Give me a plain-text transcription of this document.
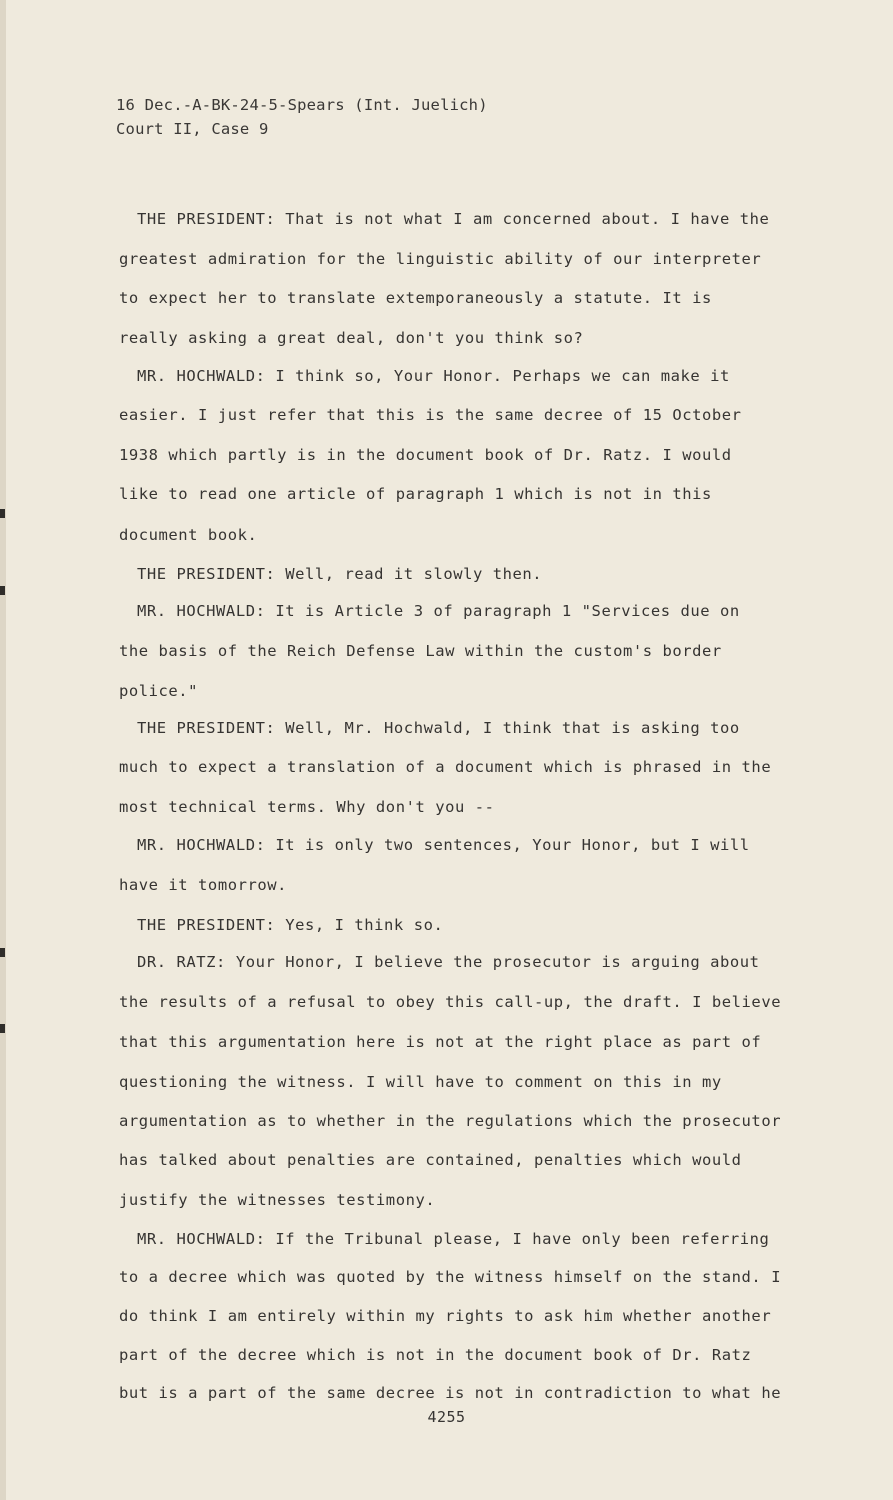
16 Dec.-A-BK-24-5-Spears (Int. Juelich)
Court II, Case 9
THE PRESIDENT: That is not what I am concerned about. I have the
greatest admiration for the linguistic ability of our interpreter
to expect her to translate extemporaneously a statute. It is
really asking a great deal, don't you think so?
MR. HOCHWALD: I think so, Your Honor. Perhaps we can make it
easier. I just refer that this is the same decree of 15 October
1938 which partly is in the document book of Dr. Ratz. I would
like to read one article of paragraph 1 which is not in this
document book.
THE PRESIDENT: Well, read it slowly then.
MR. HOCHWALD: It is Article 3 of paragraph 1 "Services due on
the basis of the Reich Defense Law within the custom's border
police."
THE PRESIDENT: Well, Mr. Hochwald, I think that is asking too
much to expect a translation of a document which is phrased in the
most technical terms. Why don't you --
MR. HOCHWALD: It is only two sentences, Your Honor, but I will
have it tomorrow.
THE PRESIDENT: Yes, I think so.
DR. RATZ: Your Honor, I believe the prosecutor is arguing about
the results of a refusal to obey this call-up, the draft. I believe
that this argumentation here is not at the right place as part of
questioning the witness. I will have to comment on this in my
argumentation as to whether in the regulations which the prosecutor
has talked about penalties are contained, penalties which would
justify the witnesses testimony.
MR. HOCHWALD: If the Tribunal please, I have only been referring
to a decree which was quoted by the witness himself on the stand. I
do think I am entirely within my rights to ask him whether another
part of the decree which is not in the document book of Dr. Ratz
but is a part of the same decree is not in contradiction to what he
4255
